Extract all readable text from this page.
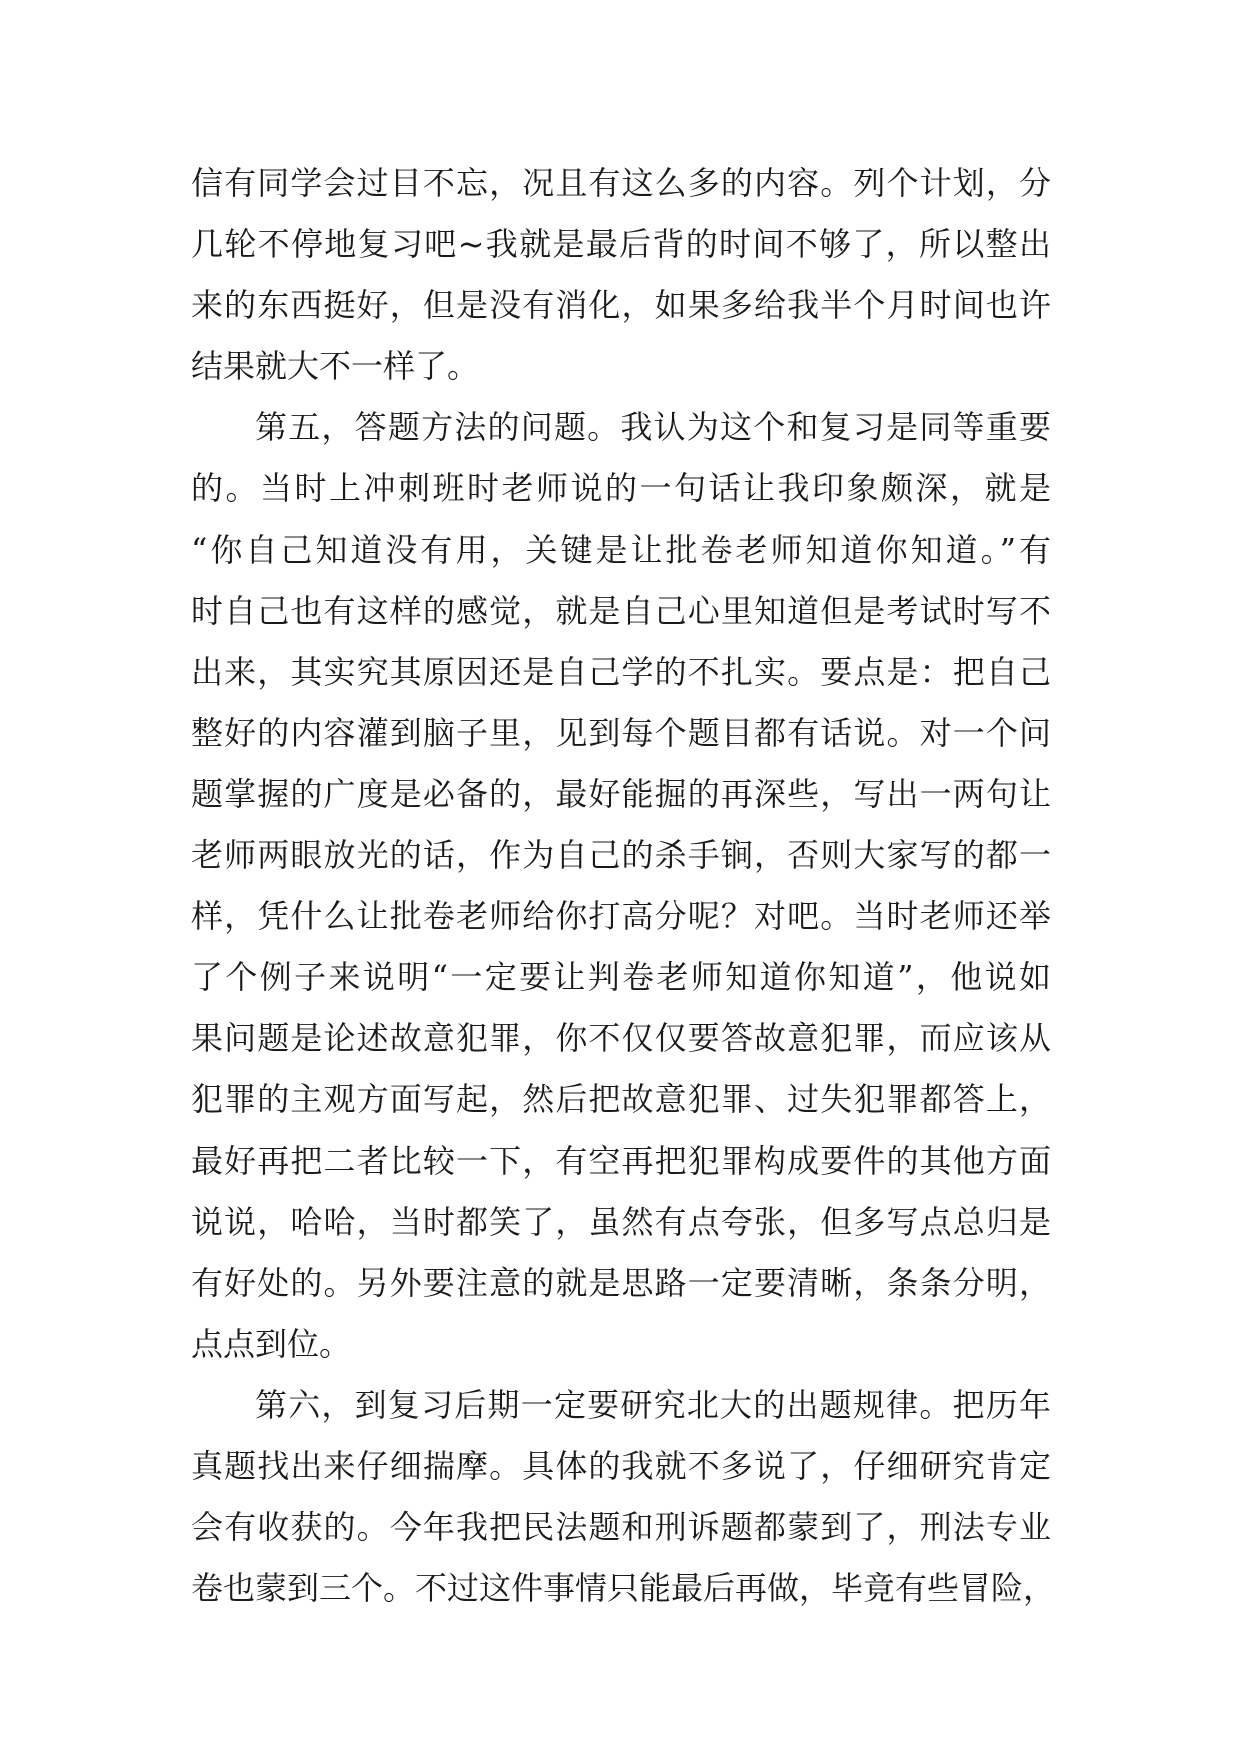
信有同学会过目不忘，况且有这么多的内容。列个计划，分
几轮不停地复习吧~我就是最后背的时间不够了，所以整出
来的东西挺好，但是没有消化，如果多给我半个月时间也许
结果就大不一样了。
第五，答题方法的问题。我认为这个和复习是同等重要
的。当时上冲刺班时老师说的一句话让我印象颇深，就是
“你自己知道没有用，关键是让批卷老师知道你知道。”有
时自己也有这样的感觉，就是自己心里知道但是考试时写不
出来，其实究其原因还是自己学的不扎实。要点是：把自己
整好的内容灌到脑子里，见到每个题目都有话说。对一个问
题掌握的广度是必备的，最好能掘的再深些，写出一两句让
老师两眼放光的话，作为自己的杀手锏，否则大家写的都一
样，凭什么让批卷老师给你打高分呢？对吧。当时老师还举
了个例子来说明“一定要让判卷老师知道你知道”，他说如
果问题是论述故意犯罪，你不仅仅要答故意犯罪，而应该从
犯罪的主观方面写起，然后把故意犯罪、过失犯罪都答上，
最好再把二者比较一下，有空再把犯罪构成要件的其他方面
说说，哈哈，当时都笑了，虽然有点夸张，但多写点总归是
有好处的。另外要注意的就是思路一定要清晰，条条分明，
点点到位。
第六，到复习后期一定要研究北大的出题规律。把历年
真题找出来仔细揣摩。具体的我就不多说了，仔细研究肯定
会有收获的。今年我把民法题和刑诉题都蒙到了，刑法专业
卷也蒙到三个。不过这件事情只能最后再做，毕竟有些冒险，
